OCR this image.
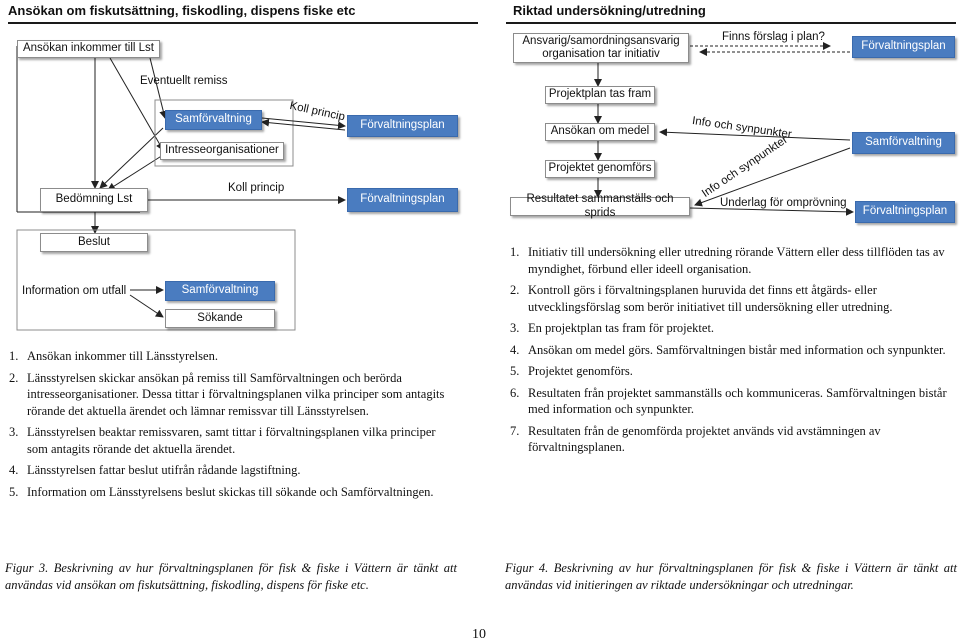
Ansökan om fiskutsättning, fiskodling, dispens fiske etc
Ansökan inkommer till Lst
Eventuellt remiss
Samförvaltning
Intresseorganisationer
Koll princip
Förvaltningsplan
Bedömning Lst
Koll princip
Förvaltningsplan
Beslut
Information om utfall	Samförvaltning
Sökande
1. Ansökan inkommer till Länsstyrelsen.
2. Länsstyrelsen skickar ansökan på remiss till Samförvaltningen och berörda intresseorganisationer. Dessa tittar i förvaltningsplanen vilka principer som antagits rörande det aktuella ärendet och lämnar remissvar till Länsstyrelsen.
3. Länsstyrelsen beaktar remissvaren, samt tittar i förvaltningsplanen vilka principer som antagits rörande det aktuella ärendet.
4. Länsstyrelsen fattar beslut utifrån rådande lagstiftning.
5. Information om Länsstyrelsens beslut skickas till sökande och Samförvaltningen.
Riktad undersökning/utredning
Ansvarig/samordningsansvarig organisation tar initiativ
Finns förslag i plan?
Förvaltningsplan
Projektplan tas fram
Ansökan om medel	Info och synpunkter
Samförvaltning
Projektet genomförs	Info och synpunkter
Resultatet sammanställs och sprids
Underlag för omprövning
Förvaltningsplan
1. Initiativ till undersökning eller utredning rörande Vättern eller dess tillflöden tas av myndighet, förbund eller ideell organisation.
2. Kontroll görs i förvaltningsplanen huruvida det finns ett åtgärds- eller utvecklingsförslag som berör initiativet till undersökning eller utredning.
3. En projektplan tas fram för projektet.
4. Ansökan om medel görs. Samförvaltningen bistår med information och synpunkter.
5. Projektet genomförs.
6. Resultaten från projektet sammanställs och kommuniceras. Samförvaltningen bistår med information och synpunkter.
7. Resultaten från de genomförda projektet används vid avstämningen av förvaltningsplanen.
Figur 3. Beskrivning av hur förvaltningsplanen för fisk & fiske i Vättern är tänkt att användas vid ansökan om fiskutsättning, fiskodling, dispens för fiske etc.
Figur 4. Beskrivning av hur förvaltningsplanen för fisk & fiske i Vättern är tänkt att användas vid initieringen av riktade undersökningar och utredningar.
10
